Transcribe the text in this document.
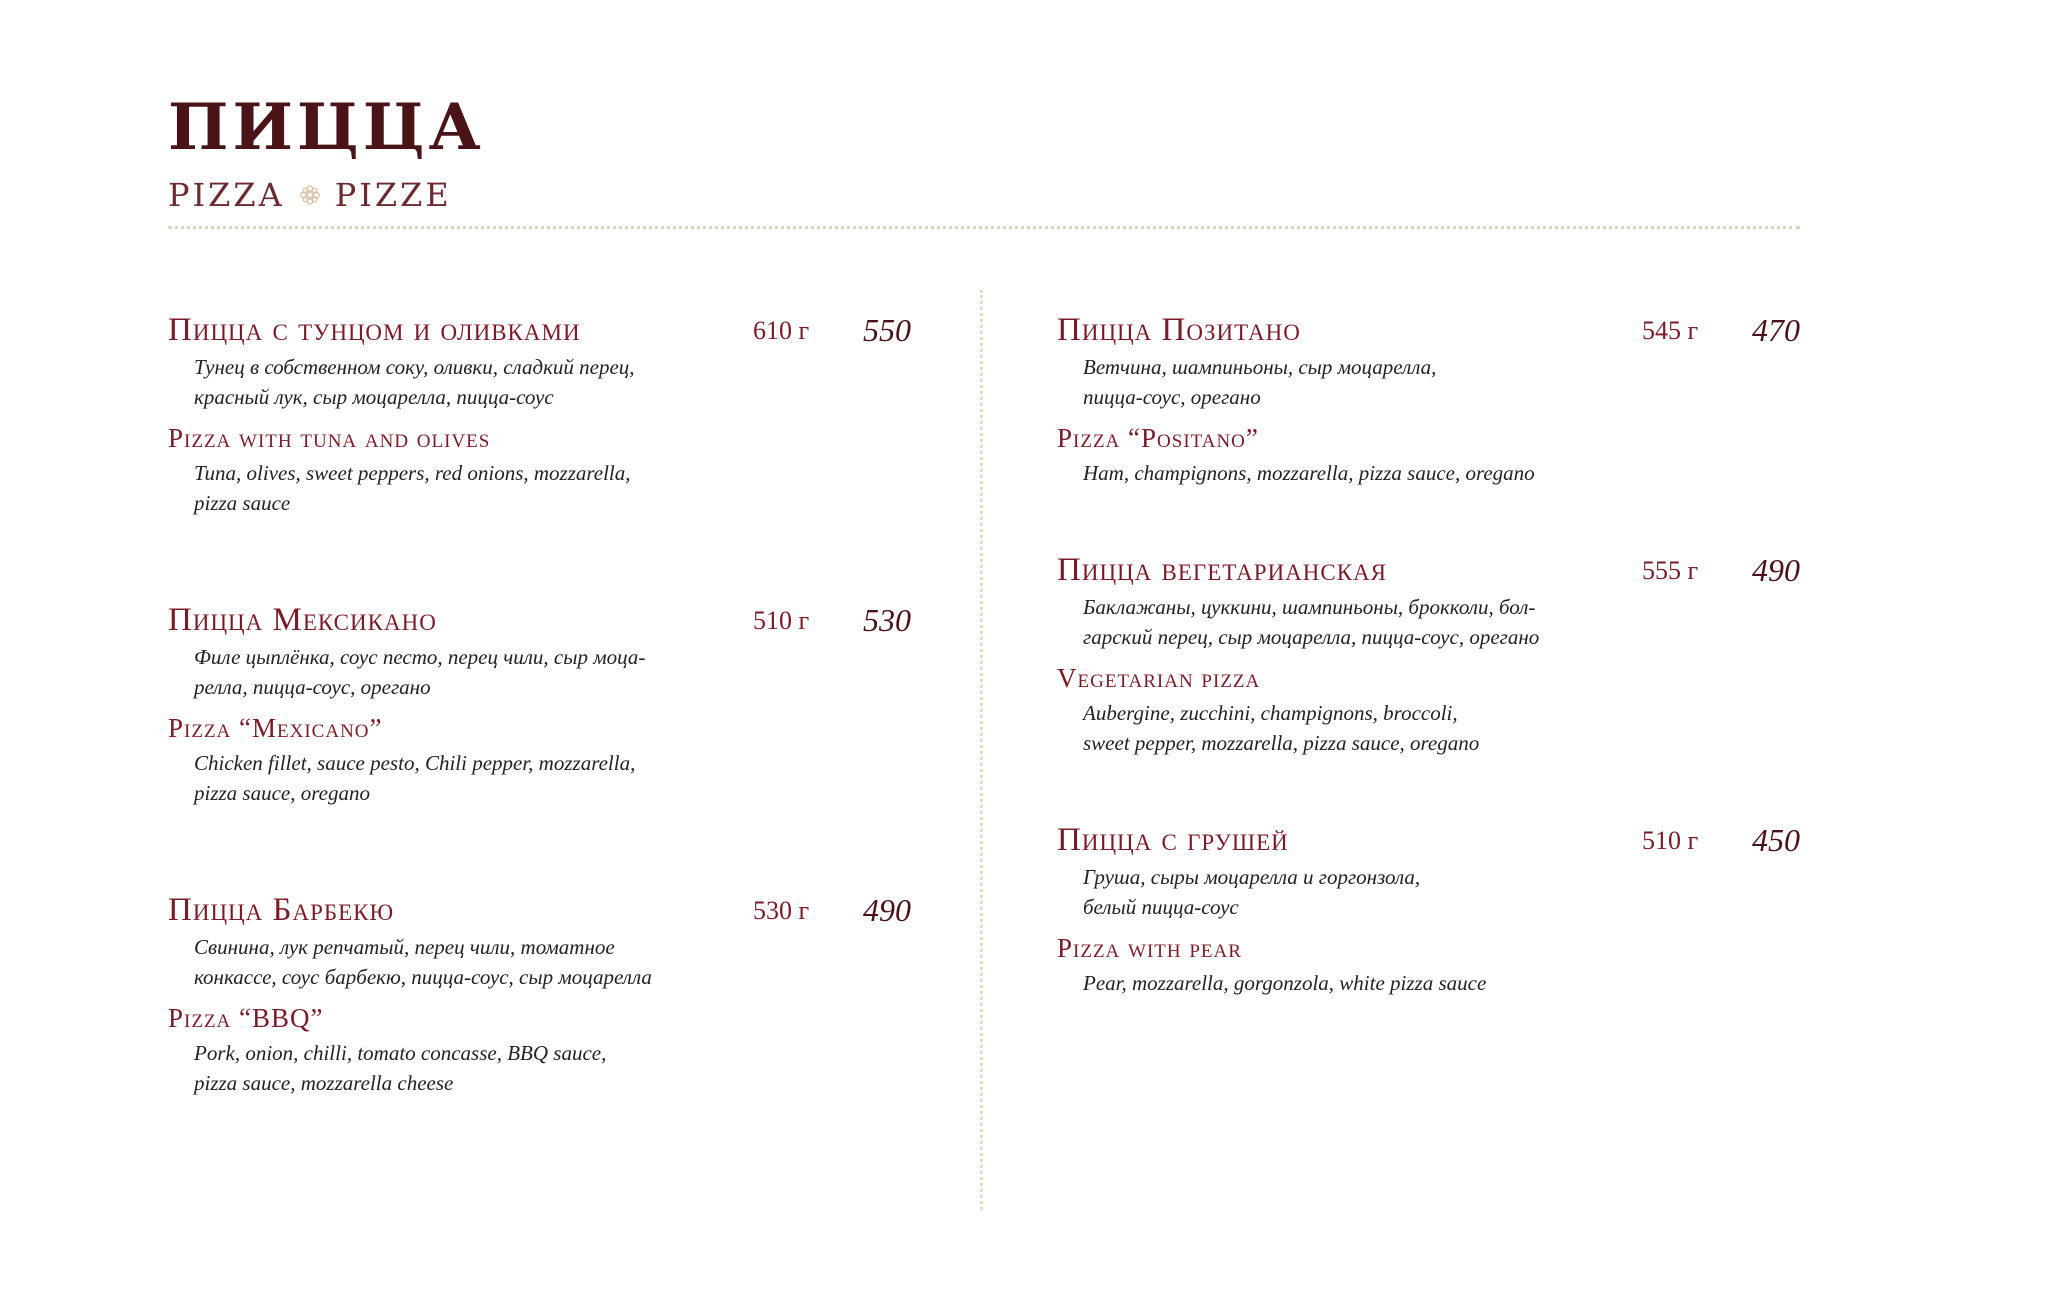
ПИЦЦА
PIZZA PIZZE
Пицца с тунцом и оливками	610 г 550
Тунец в собственном соку, оливки, сладкий перец,
красный лук, сыр моцарелла, пицца-соус
Pizza with tuna and olives
Tuna, olives, sweet peppers, red onions, mozzarella,
pizza sauce
Пицца Мексикано	510 г 530
Филе цыплёнка, соус песто, перец чили, сыр моца-
релла, пицца-соус, орегано
Pizza “Mexicano”
Chicken fillet, sauce pesto, Chili pepper, mozzarella,
pizza sauce, oregano
Пицца Барбекю	530 г 490
Свинина, лук репчатый, перец чили, томатное
конкассе, соус барбекю, пицца-соус, сыр моцарелла
Pizza “BBQ”
Pork, onion, chilli, tomato concasse, BBQ sauce,
pizza sauce, mozzarella cheese
Пицца Позитано	545 г 470
Ветчина, шампиньоны, сыр моцарелла,
пицца-соус, орегано
Pizza “Positano”
Ham, champignons, mozzarella, pizza sauce, oregano
Пицца вегетарианская	555 г 490
Баклажаны, цуккини, шампиньоны, брокколи, бол-
гарский перец, сыр моцарелла, пицца-соус, орегано
Vegetarian pizza
Aubergine, zucchini, champignons, broccoli,
sweet pepper, mozzarella, pizza sauce, oregano
Пицца с грушей	510 г 450
Груша, сыры моцарелла и горгонзола,
белый пицца-соус
Pizza with pear
Pear, mozzarella, gorgonzola, white pizza sauce
